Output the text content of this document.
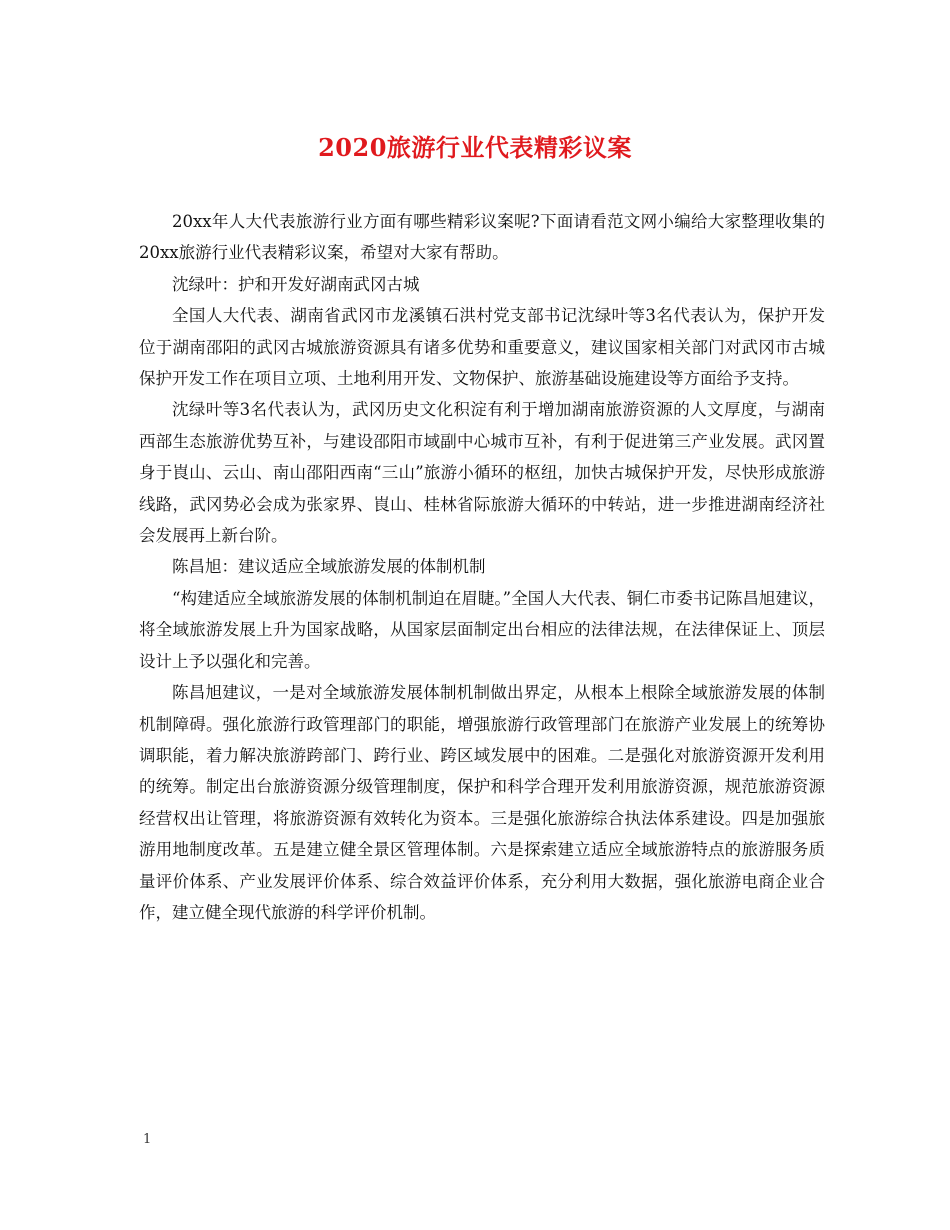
2020旅游行业代表精彩议案

20xx年人大代表旅游行业方面有哪些精彩议案呢?下面请看范文网小编给大家整理收集的20xx旅游行业代表精彩议案，希望对大家有帮助。

沈绿叶：护和开发好湖南武冈古城

全国人大代表、湖南省武冈市龙溪镇石洪村党支部书记沈绿叶等3名代表认为，保护开发位于湖南邵阳的武冈古城旅游资源具有诸多优势和重要意义，建议国家相关部门对武冈市古城保护开发工作在项目立项、土地利用开发、文物保护、旅游基础设施建设等方面给予支持。

沈绿叶等3名代表认为，武冈历史文化积淀有利于增加湖南旅游资源的人文厚度，与湖南西部生态旅游优势互补，与建设邵阳市域副中心城市互补，有利于促进第三产业发展。武冈置身于崀山、云山、南山邵阳西南“三山”旅游小循环的枢纽，加快古城保护开发，尽快形成旅游线路，武冈势必会成为张家界、崀山、桂林省际旅游大循环的中转站，进一步推进湖南经济社会发展再上新台阶。

陈昌旭：建议适应全域旅游发展的体制机制

“构建适应全域旅游发展的体制机制迫在眉睫。”全国人大代表、铜仁市委书记陈昌旭建议，将全域旅游发展上升为国家战略，从国家层面制定出台相应的法律法规，在法律保证上、顶层设计上予以强化和完善。

陈昌旭建议，一是对全域旅游发展体制机制做出界定，从根本上根除全域旅游发展的体制机制障碍。强化旅游行政管理部门的职能，增强旅游行政管理部门在旅游产业发展上的统筹协调职能，着力解决旅游跨部门、跨行业、跨区域发展中的困难。二是强化对旅游资源开发利用的统筹。制定出台旅游资源分级管理制度，保护和科学合理开发利用旅游资源，规范旅游资源经营权出让管理，将旅游资源有效转化为资本。三是强化旅游综合执法体系建设。四是加强旅游用地制度改革。五是建立健全景区管理体制。六是探索建立适应全域旅游特点的旅游服务质量评价体系、产业发展评价体系、综合效益评价体系，充分利用大数据，强化旅游电商企业合作，建立健全现代旅游的科学评价机制。

1
